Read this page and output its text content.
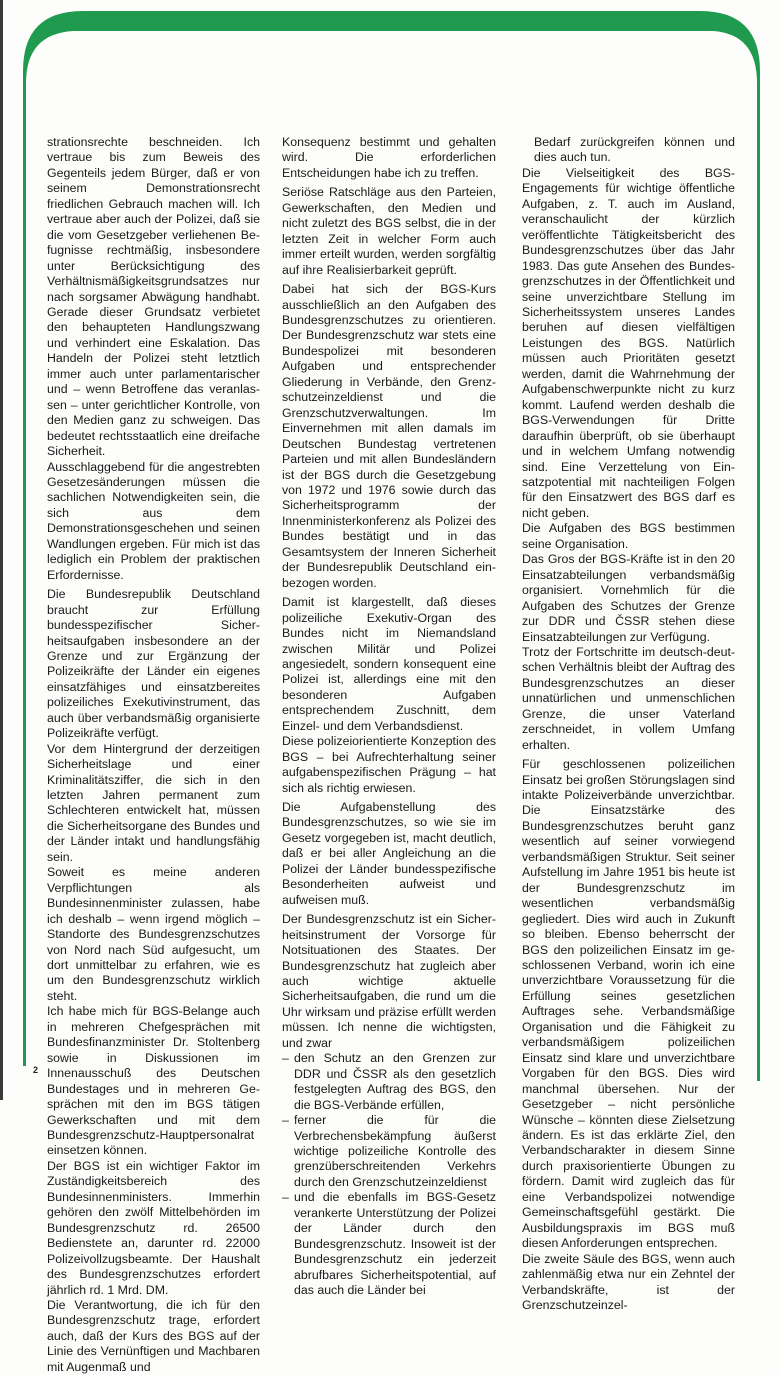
2

strationsrechte beschneiden. Ich vertraue bis zum Beweis des Gegenteils jedem Bürger, daß er von seinem Demonstrationsrecht friedlichen Gebrauch machen will. Ich vertraue aber auch der Polizei, daß sie die vom Gesetzgeber verliehenen Befugnisse rechtmäßig, insbesondere unter Berücksichtigung des Verhältnismäßigkeitsgrundsatzes nur nach sorgsamer Abwägung handhabt. Gerade dieser Grundsatz verbietet den behaupteten Handlungszwang und verhindert eine Eskalation. Das Handeln der Polizei steht letztlich immer auch unter parlamentarischer und – wenn Betroffene das veranlassen – unter gerichtlicher Kontrolle, von den Medien ganz zu schweigen. Das bedeutet rechtsstaatlich eine dreifache Sicherheit.

Ausschlaggebend für die angestrebten Gesetzesänderungen müssen die sachlichen Notwendigkeiten sein, die sich aus dem Demonstrationsgeschehen und seinen Wandlungen ergeben. Für mich ist das lediglich ein Problem der praktischen Erfordernisse.

Die Bundesrepublik Deutschland braucht zur Erfüllung bundesspezifischer Sicherheitsaufgaben insbesondere an der Grenze und zur Ergänzung der Polizeikräfte der Länder ein eigenes einsatzfähiges und einsatzbereites polizeiliches Exekutivinstrument, das auch über verbandsmäßig organisierte Polizeikräfte verfügt.

Vor dem Hintergrund der derzeitigen Sicherheitslage und einer Kriminalitätsziffer, die sich in den letzten Jahren permanent zum Schlechteren entwickelt hat, müssen die Sicherheitsorgane des Bundes und der Länder intakt und handlungsfähig sein.

Soweit es meine anderen Verpflichtungen als Bundesinnenminister zulassen, habe ich deshalb – wenn irgend möglich – Standorte des Bundesgrenzschutzes von Nord nach Süd aufgesucht, um dort unmittelbar zu erfahren, wie es um den Bundesgrenzschutz wirklich steht.

Ich habe mich für BGS-Belange auch in mehreren Chefgesprächen mit Bundesfinanzminister Dr. Stoltenberg sowie in Diskussionen im Innenausschuß des Deutschen Bundestages und in mehreren Gesprächen mit den im BGS tätigen Gewerkschaften und mit dem Bundesgrenzschutz-Hauptpersonalrat einsetzen können.

Der BGS ist ein wichtiger Faktor im Zuständigkeitsbereich des Bundesinnenministers. Immerhin gehören den zwölf Mittelbehörden im Bundesgrenzschutz rd. 26500 Bedienstete an, darunter rd. 22000 Polizeivollzugsbeamte. Der Haushalt des Bundesgrenzschutzes erfordert jährlich rd. 1 Mrd. DM.

Die Verantwortung, die ich für den Bundesgrenzschutz trage, erfordert auch, daß der Kurs des BGS auf der Linie des Vernünftigen und Machbaren mit Augenmaß und

Konsequenz bestimmt und gehalten wird. Die erforderlichen Entscheidungen habe ich zu treffen.

Seriöse Ratschläge aus den Parteien, Gewerkschaften, den Medien und nicht zuletzt des BGS selbst, die in der letzten Zeit in welcher Form auch immer erteilt wurden, werden sorgfältig auf ihre Realisierbarkeit geprüft.

Dabei hat sich der BGS-Kurs ausschließlich an den Aufgaben des Bundesgrenzschutzes zu orientieren. Der Bundesgrenzschutz war stets eine Bundespolizei mit besonderen Aufgaben und entsprechender Gliederung in Verbände, den Grenzschutzeinzeldienst und die Grenzschutzverwaltungen. Im Einvernehmen mit allen damals im Deutschen Bundestag vertretenen Parteien und mit allen Bundesländern ist der BGS durch die Gesetzgebung von 1972 und 1976 sowie durch das Sicherheitsprogramm der Innenministerkonferenz als Polizei des Bundes bestätigt und in das Gesamtsystem der Inneren Sicherheit der Bundesrepublik Deutschland einbezogen worden.

Damit ist klargestellt, daß dieses polizeiliche Exekutiv-Organ des Bundes nicht im Niemandsland zwischen Militär und Polizei angesiedelt, sondern konsequent eine Polizei ist, allerdings eine mit den besonderen Aufgaben entsprechendem Zuschnitt, dem Einzel- und dem Verbandsdienst.

Diese polizeiorientierte Konzeption des BGS – bei Aufrechterhaltung seiner aufgabenspezifischen Prägung – hat sich als richtig erwiesen.

Die Aufgabenstellung des Bundesgrenzschutzes, so wie sie im Gesetz vorgegeben ist, macht deutlich, daß er bei aller Angleichung an die Polizei der Länder bundesspezifische Besonderheiten aufweist und aufweisen muß.

Der Bundesgrenzschutz ist ein Sicherheitsinstrument der Vorsorge für Notsituationen des Staates. Der Bundesgrenzschutz hat zugleich aber auch wichtige aktuelle Sicherheitsaufgaben, die rund um die Uhr wirksam und präzise erfüllt werden müssen. Ich nenne die wichtigsten, und zwar

– den Schutz an den Grenzen zur DDR und ČSSR als den gesetzlich festgelegten Auftrag des BGS, den die BGS-Verbände erfüllen,
– ferner die für die Verbrechensbekämpfung äußerst wichtige polizeiliche Kontrolle des grenzüberschreitenden Verkehrs durch den Grenzschutzeinzeldienst
– und die ebenfalls im BGS-Gesetz verankerte Unterstützung der Polizei der Länder durch den Bundesgrenzschutz. Insoweit ist der Bundesgrenzschutz ein jederzeit abrufbares Sicherheitspotential, auf das auch die Länder bei

Bedarf zurückgreifen können und dies auch tun.

Die Vielseitigkeit des BGS-Engagements für wichtige öffentliche Aufgaben, z. T. auch im Ausland, veranschaulicht der kürzlich veröffentlichte Tätigkeitsbericht des Bundesgrenzschutzes über das Jahr 1983. Das gute Ansehen des Bundesgrenzschutzes in der Öffentlichkeit und seine unverzichtbare Stellung im Sicherheitssystem unseres Landes beruhen auf diesen vielfältigen Leistungen des BGS. Natürlich müssen auch Prioritäten gesetzt werden, damit die Wahrnehmung der Aufgabenschwerpunkte nicht zu kurz kommt. Laufend werden deshalb die BGS-Verwendungen für Dritte daraufhin überprüft, ob sie überhaupt und in welchem Umfang notwendig sind. Eine Verzettelung von Einsatzpotential mit nachteiligen Folgen für den Einsatzwert des BGS darf es nicht geben.

Die Aufgaben des BGS bestimmen seine Organisation.

Das Gros der BGS-Kräfte ist in den 20 Einsatzabteilungen verbandsmäßig organisiert. Vornehmlich für die Aufgaben des Schutzes der Grenze zur DDR und ČSSR stehen diese Einsatzabteilungen zur Verfügung.

Trotz der Fortschritte im deutsch-deutschen Verhältnis bleibt der Auftrag des Bundesgrenzschutzes an dieser unnatürlichen und unmenschlichen Grenze, die unser Vaterland zerschneidet, in vollem Umfang erhalten.

Für geschlossenen polizeilichen Einsatz bei großen Störungslagen sind intakte Polizeiverbände unverzichtbar. Die Einsatzstärke des Bundesgrenzschutzes beruht ganz wesentlich auf seiner vorwiegend verbandsmäßigen Struktur. Seit seiner Aufstellung im Jahre 1951 bis heute ist der Bundesgrenzschutz im wesentlichen verbandsmäßig gegliedert. Dies wird auch in Zukunft so bleiben. Ebenso beherrscht der BGS den polizeilichen Einsatz im geschlossenen Verband, worin ich eine unverzichtbare Voraussetzung für die Erfüllung seines gesetzlichen Auftrages sehe. Verbandsmäßige Organisation und die Fähigkeit zu verbandsmäßigem polizeilichen Einsatz sind klare und unverzichtbare Vorgaben für den BGS. Dies wird manchmal übersehen. Nur der Gesetzgeber – nicht persönliche Wünsche – könnten diese Zielsetzung ändern. Es ist das erklärte Ziel, den Verbandscharakter in diesem Sinne durch praxisorientierte Übungen zu fördern. Damit wird zugleich das für eine Verbandspolizei notwendige Gemeinschaftsgefühl gestärkt. Die Ausbildungspraxis im BGS muß diesen Anforderungen entsprechen.

Die zweite Säule des BGS, wenn auch zahlenmäßig etwa nur ein Zehntel der Verbandskräfte, ist der Grenzschutzeinzel-
